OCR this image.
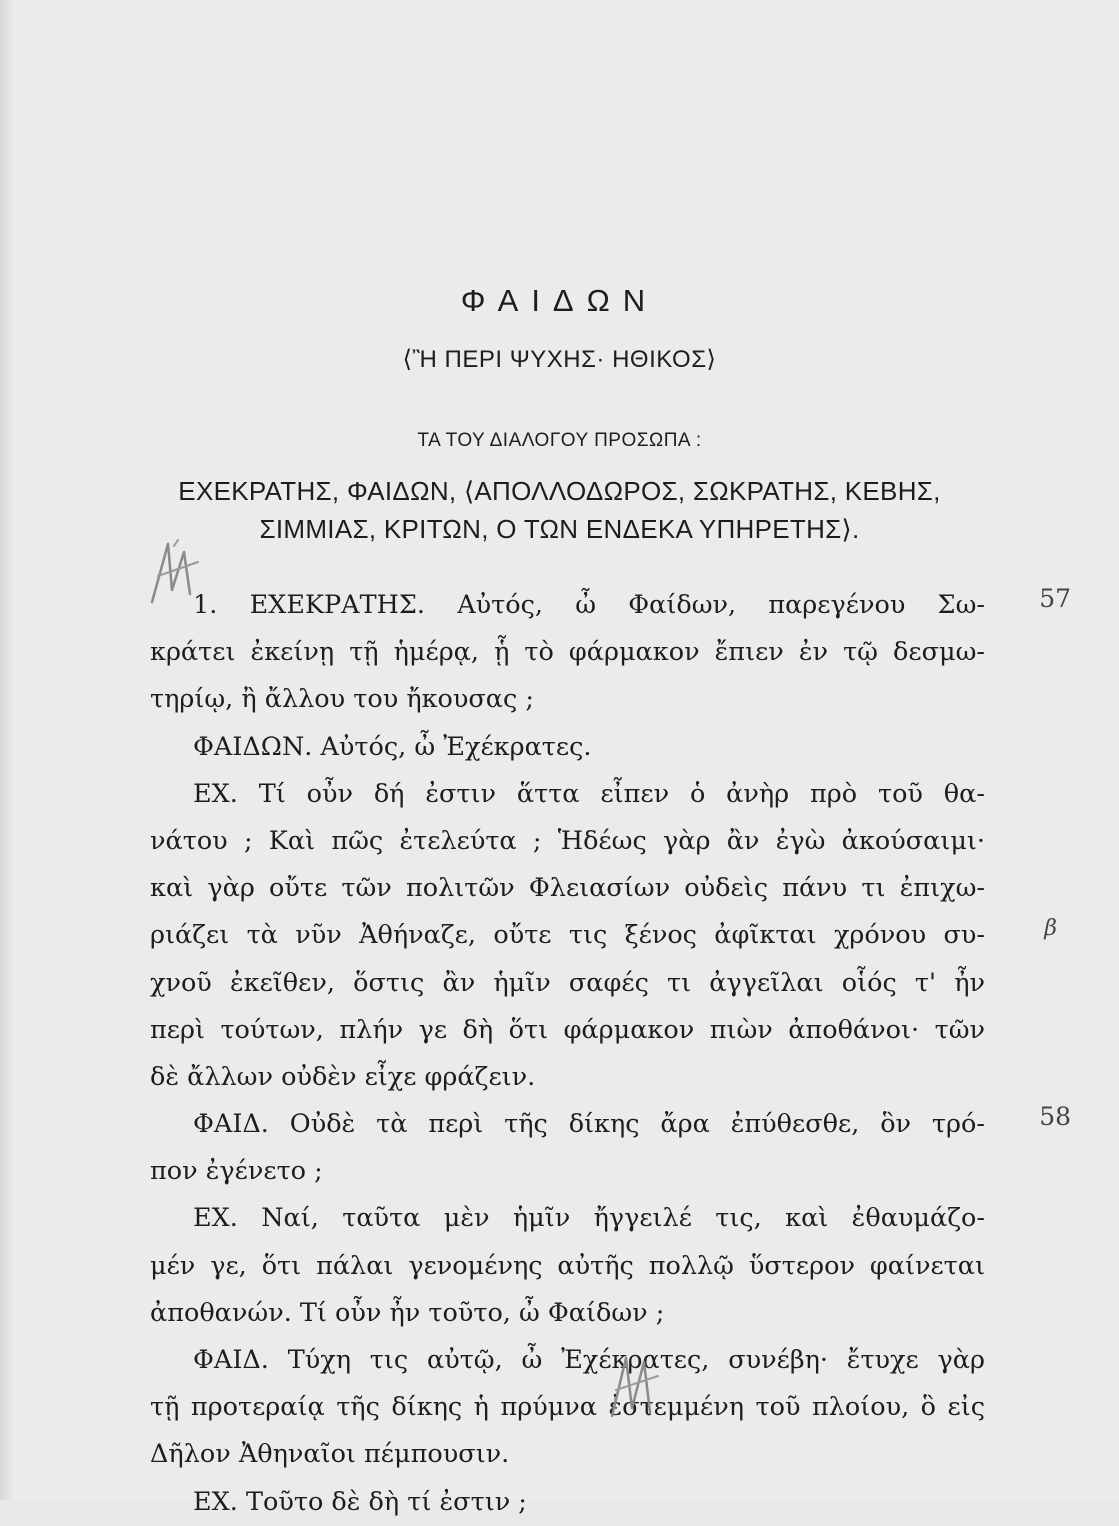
ΦΑΙΔΩΝ
⟨Ἢ ΠΕΡΙ ΨΥΧΗΣ· ΗΘΙΚΟΣ⟩
ΤΑ ΤΟΥ ΔΙΑΛΟΓΟΥ ΠΡΟΣΩΠΑ :
ΕΧΕΚΡΑΤΗΣ, ΦΑΙΔΩΝ, ⟨ΑΠΟΛΛΟΔΩΡΟΣ, ΣΩΚΡΑΤΗΣ, ΚΕΒΗΣ,
ΣΙΜΜΙΑΣ, ΚΡΙΤΩΝ, Ο ΤΩΝ ΕΝΔΕΚΑ ΥΠΗΡΕΤΗΣ⟩.
1. ΕΧΕΚΡΑΤΗΣ. Αὐτός, ὦ Φαίδων, παρεγένου Σω-
κράτει ἐκείνῃ τῇ ἡμέρᾳ, ᾗ τὸ φάρμακον ἔπιεν ἐν τῷ δεσμω-
τηρίῳ, ἢ ἄλλου του ἤκουσας ;
ΦΑΙΔΩΝ. Αὐτός, ὦ Ἐχέκρατες.
ΕΧ. Τί οὖν δή ἐστιν ἅττα εἶπεν ὁ ἀνὴρ πρὸ τοῦ θα-
νάτου ; Καὶ πῶς ἐτελεύτα ; Ἡδέως γὰρ ἂν ἐγὼ ἀκούσαιμι·
καὶ γὰρ οὔτε τῶν πολιτῶν Φλειασίων οὐδεὶς πάνυ τι ἐπιχω-
ριάζει τὰ νῦν Ἀθήναζε, οὔτε τις ξένος ἀφῖκται χρόνου συ-
χνοῦ ἐκεῖθεν, ὅστις ἂν ἡμῖν σαφές τι ἀγγεῖλαι οἷός τ' ἦν
περὶ τούτων, πλήν γε δὴ ὅτι φάρμακον πιὼν ἀποθάνοι· τῶν
δὲ ἄλλων οὐδὲν εἶχε φράζειν.
ΦΑΙΔ. Οὐδὲ τὰ περὶ τῆς δίκης ἄρα ἐπύθεσθε, ὃν τρό-
πον ἐγένετο ;
ΕΧ. Ναί, ταῦτα μὲν ἡμῖν ἤγγειλέ τις, καὶ ἐθαυμάζο-
μέν γε, ὅτι πάλαι γενομένης αὐτῆς πολλῷ ὕστερον φαίνεται
ἀποθανών. Τί οὖν ἦν τοῦτο, ὦ Φαίδων ;
ΦΑΙΔ. Τύχη τις αὐτῷ, ὦ Ἐχέκρατες, συνέβη· ἔτυχε γὰρ
τῇ προτεραίᾳ τῆς δίκης ἡ πρύμνα ἐστεμμένη τοῦ πλοίου, ὃ εἰς
Δῆλον Ἀθηναῖοι πέμπουσιν.
ΕΧ. Τοῦτο δὲ δὴ τί ἐστιν ;
57
β
58
